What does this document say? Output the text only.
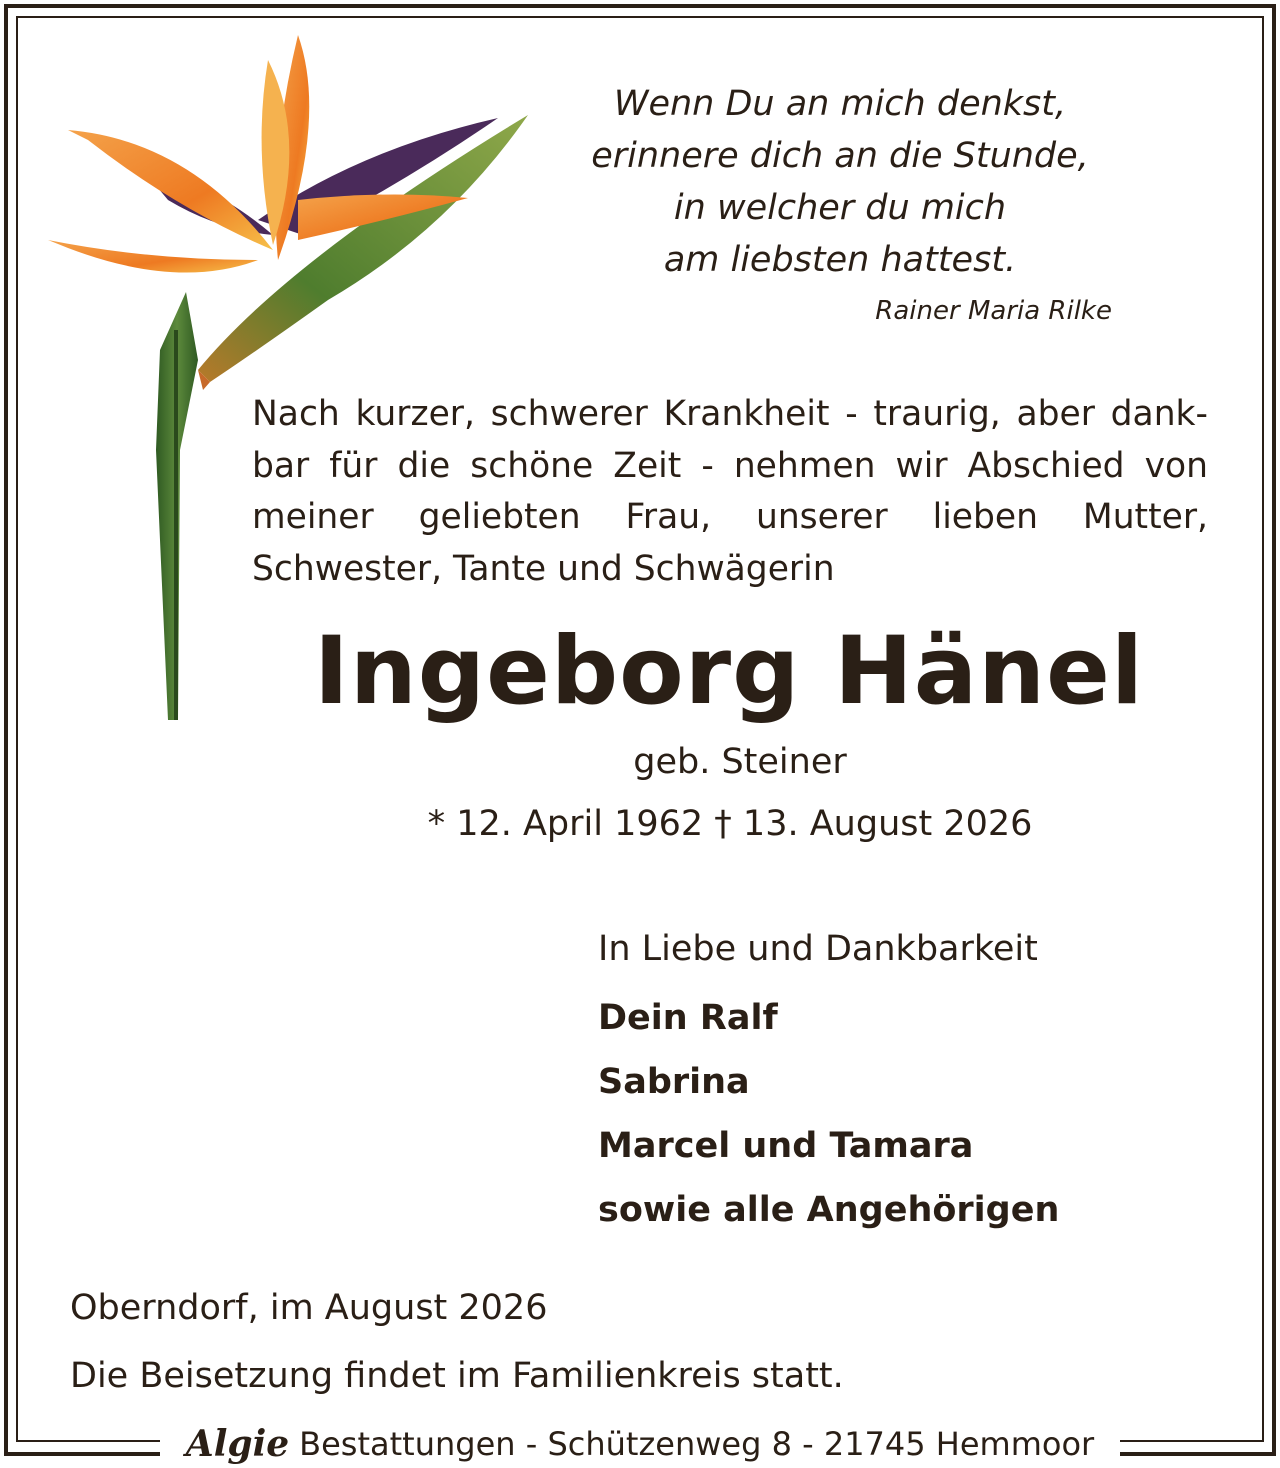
Wenn Du an mich denkst,
erinnere dich an die Stunde,
in welcher du mich
am liebsten hattest.
Rainer Maria Rilke
Nach kurzer, schwerer Krankheit - traurig, aber dank-
bar für die schöne Zeit - nehmen wir Abschied von
meiner geliebten Frau, unserer lieben Mutter,
Schwester, Tante und Schwägerin
Ingeborg Hänel
geb. Steiner
* 12. April 1962 † 13. August 2026
In Liebe und Dankbarkeit
Dein Ralf
Sabrina
Marcel und Tamara
sowie alle Angehörigen
Oberndorf, im August 2026
Die Beisetzung findet im Familienkreis statt.
Algie Bestattungen - Schützenweg 8 - 21745 Hemmoor
